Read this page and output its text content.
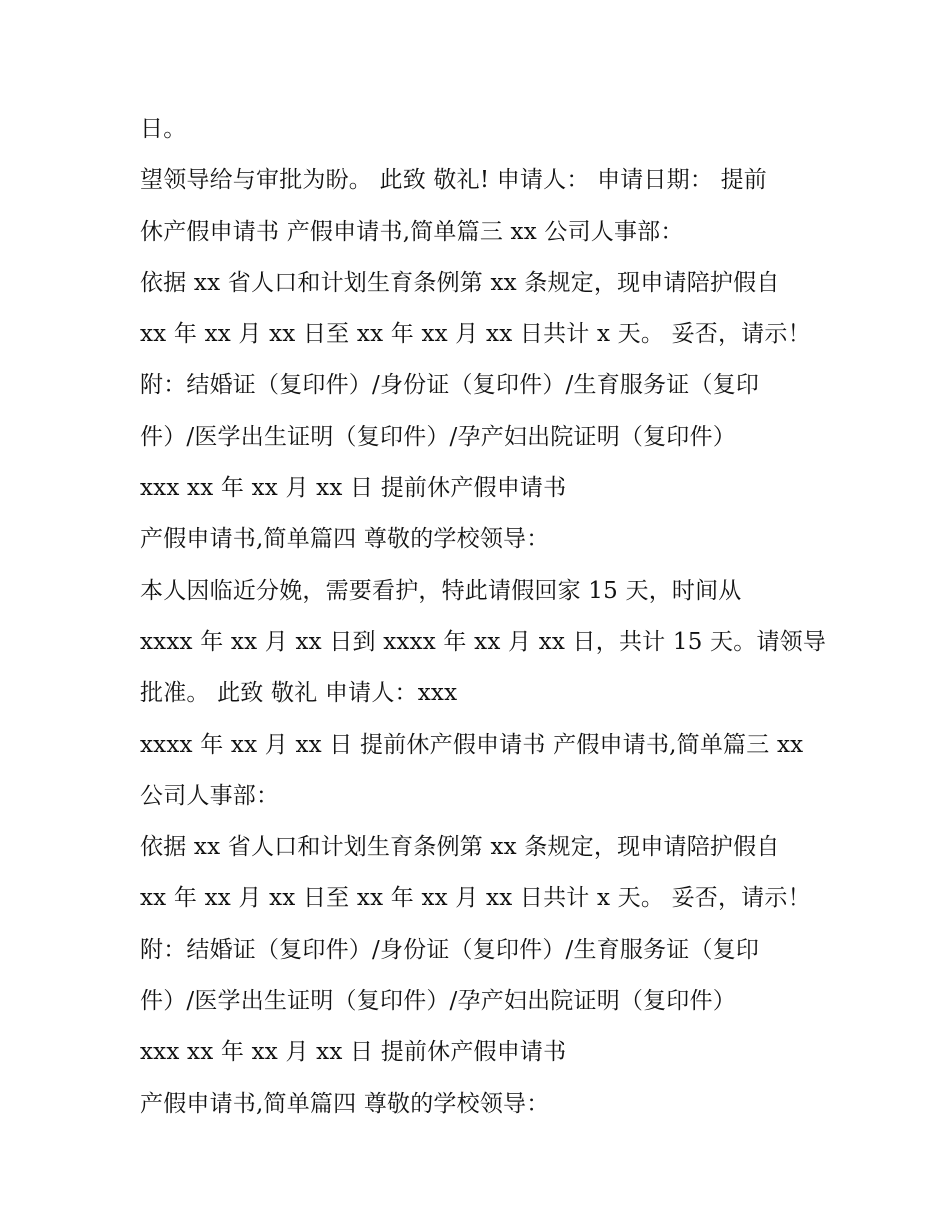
日。
望领导给与审批为盼。 此致 敬礼! 申请人： 申请日期： 提前
休产假申请书 产假申请书,简单篇三 xx 公司人事部：
依据 xx 省人口和计划生育条例第 xx 条规定，现申请陪护假自
xx 年 xx 月 xx 日至 xx 年 xx 月 xx 日共计 x 天。 妥否，请示！
附：结婚证（复印件）/身份证（复印件）/生育服务证（复印
件）/医学出生证明（复印件）/孕产妇出院证明（复印件）
xxx xx 年 xx 月 xx 日 提前休产假申请书
产假申请书,简单篇四 尊敬的学校领导：
本人因临近分娩，需要看护，特此请假回家 15 天，时间从
xxxx 年 xx 月 xx 日到 xxxx 年 xx 月 xx 日，共计 15 天。请领导
批准。 此致 敬礼 申请人：xxx
xxxx 年 xx 月 xx 日 提前休产假申请书 产假申请书,简单篇三 xx
公司人事部：
依据 xx 省人口和计划生育条例第 xx 条规定，现申请陪护假自
xx 年 xx 月 xx 日至 xx 年 xx 月 xx 日共计 x 天。 妥否，请示！
附：结婚证（复印件）/身份证（复印件）/生育服务证（复印
件）/医学出生证明（复印件）/孕产妇出院证明（复印件）
xxx xx 年 xx 月 xx 日 提前休产假申请书
产假申请书,简单篇四 尊敬的学校领导：
